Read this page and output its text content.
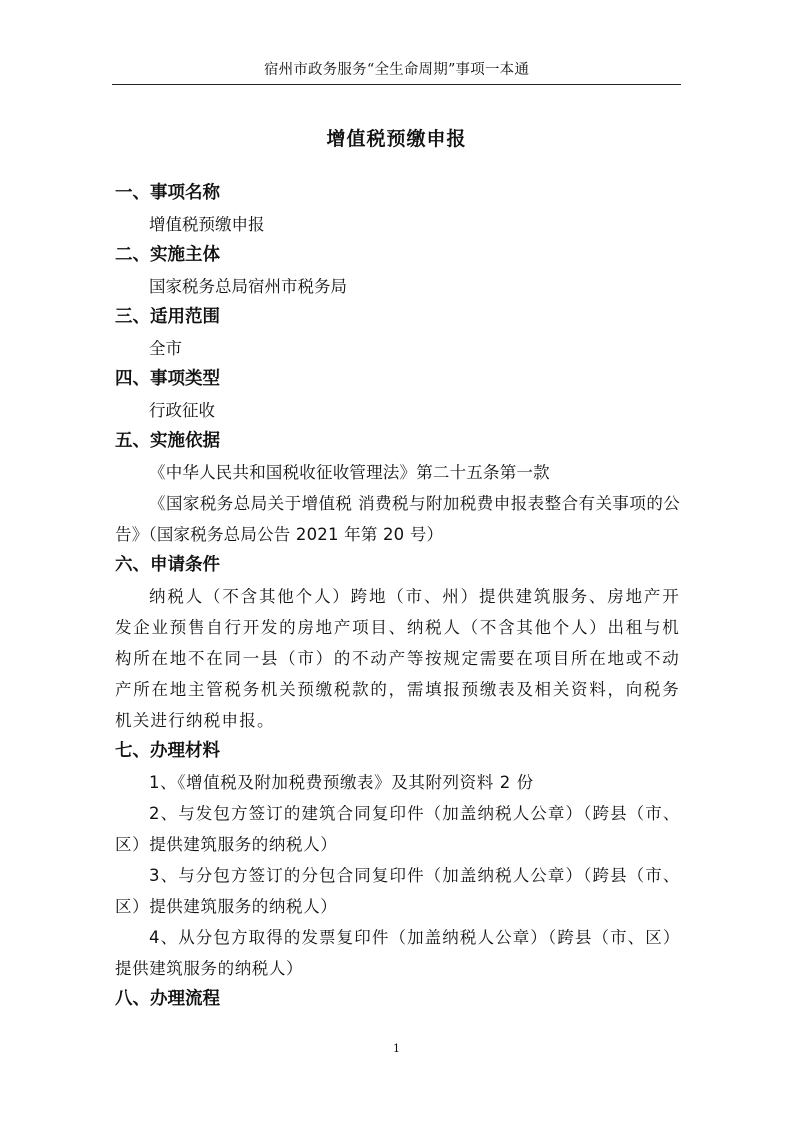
宿州市政务服务“全生命周期”事项一本通
增值税预缴申报
一、事项名称
增值税预缴申报
二、实施主体
国家税务总局宿州市税务局
三、适用范围
全市
四、事项类型
行政征收
五、实施依据
《中华人民共和国税收征收管理法》第二十五条第一款
《国家税务总局关于增值税 消费税与附加税费申报表整合有关事项的公告》（国家税务总局公告 2021 年第 20 号）
六、申请条件
纳税人（不含其他个人）跨地（市、州）提供建筑服务、房地产开发企业预售自行开发的房地产项目、纳税人（不含其他个人）出租与机构所在地不在同一县（市）的不动产等按规定需要在项目所在地或不动产所在地主管税务机关预缴税款的，需填报预缴表及相关资料，向税务机关进行纳税申报。
七、办理材料
1、《增值税及附加税费预缴表》及其附列资料 2 份
2、与发包方签订的建筑合同复印件（加盖纳税人公章）（跨县（市、区）提供建筑服务的纳税人）
3、与分包方签订的分包合同复印件（加盖纳税人公章）（跨县（市、区）提供建筑服务的纳税人）
4、从分包方取得的发票复印件（加盖纳税人公章）（跨县（市、区）提供建筑服务的纳税人）
八、办理流程
1
